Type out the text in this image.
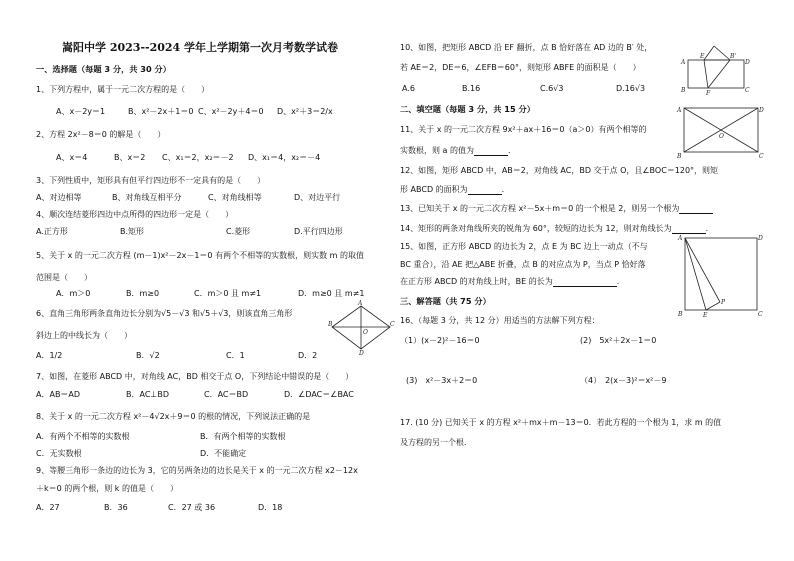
嵩阳中学 2023--2024 学年上学期第一次月考数学试卷
一、选择题（每题 3 分，共 30 分）
1、下列方程中，属于一元二次方程的是（　　）
A、x－2y＝1	B、x²－2x＋1＝0 C、x²－2y＋4＝0 D、x²＋3＝2/x
2、方程 2x²－8＝0 的解是（　　）
A、x＝4	B、x＝2 C、x₁＝2，x₂＝－2 D、x₁＝4，x₂＝－4
3、下列性质中，矩形具有但平行四边形不一定具有的是（　　）
A、对边相等	B、对角线互相平分	C、对角线相等	D、对边平行
4、顺次连结菱形四边中点所得的四边形一定是（　　）
A.正方形	B.矩形	C.菱形	D.平行四边形
5、关于 x 的一元二次方程 (m－1)x²－2x－1＝0 有两个不相等的实数根，则实数 m 的取值
范围是（　　）
A．m＞0	B．m≥0	C．m＞0 且 m≠1	D．m≥0 且 m≠1
6、直角三角形两条直角边长分别为√5－√3 和√5＋√3，则该直角三角形
斜边上的中线长为（　　）
A．1/2	B．√2	C．1	D．2
A
B	C
D
O
7、如图，在菱形 ABCD 中，对角线 AC，BD 相交于点 O，下列结论中错误的是（　　）
A．AB＝AD	B．AC⊥BD	C．AC＝BD	D．∠DAC＝∠BAC
8、关于 x 的一元二次方程 x²－4√2x＋9＝0 的根的情况，下列说法正确的是
A．有两个不相等的实数根	B．有两个相等的实数根
C．无实数根	D．不能确定
9、等腰三角形一条边的边长为 3，它的另两条边的边长是关于 x 的一元二次方程 x2－12x
＋k＝0 的两个根，则 k 的值是（　　）
A．27	B．36	C．27 或 36	D．18
10、如图，把矩形 ABCD 沿 EF 翻折，点 B 恰好落在 AD 边的 B′ 处，
若 AE＝2，DE＝6，∠EFB＝60°，则矩形 ABFE 的面积是（　　）
A.6	B.16	C.6√3	D.16√3
A
E	B'
D
B	F	C
二、填空题（每题 3 分，共 15 分）
11、关于 x 的一元二次方程 9x²＋ax＋16＝0（a＞0）有两个相等的
实数根，则 a 的值为	.
12、如图，矩形 ABCD 中，AB＝2，对角线 AC，BD 交于点 O，且∠BOC＝120°，则矩
形 ABCD 的面积为	.
A	D
B	C
O
13、已知关于 x 的一元二次方程 x²－5x＋m＝0 的一个根是 2，则另一个根为
14、矩形的两条对角线所夹的锐角为 60°，较短的边长为 12，则对角线长为	.
15、如图，正方形 ABCD 的边长为 2，点 E 为 BC 边上一动点（不与
BC 重合），沿 AE 把△ABE 折叠，点 B 的对应点为 P，当点 P 恰好落
在正方形 ABCD 的对角线上时，BE 的长为	.
A	D
B	E	C
P
三、解答题（共 75 分）
16、（每题 3 分，共 12 分）用适当的方法解下列方程：
（1）(x－2)²－16＝0	(2)　5x²＋2x－1＝0
(3)　x²－3x＋2＝0	（4）　2(x－3)²＝x²－9
17. (10 分) 已知关于 x 的方程 x²＋mx＋m－13＝0．若此方程的一个根为 1，求 m 的值
及方程的另一个根．
